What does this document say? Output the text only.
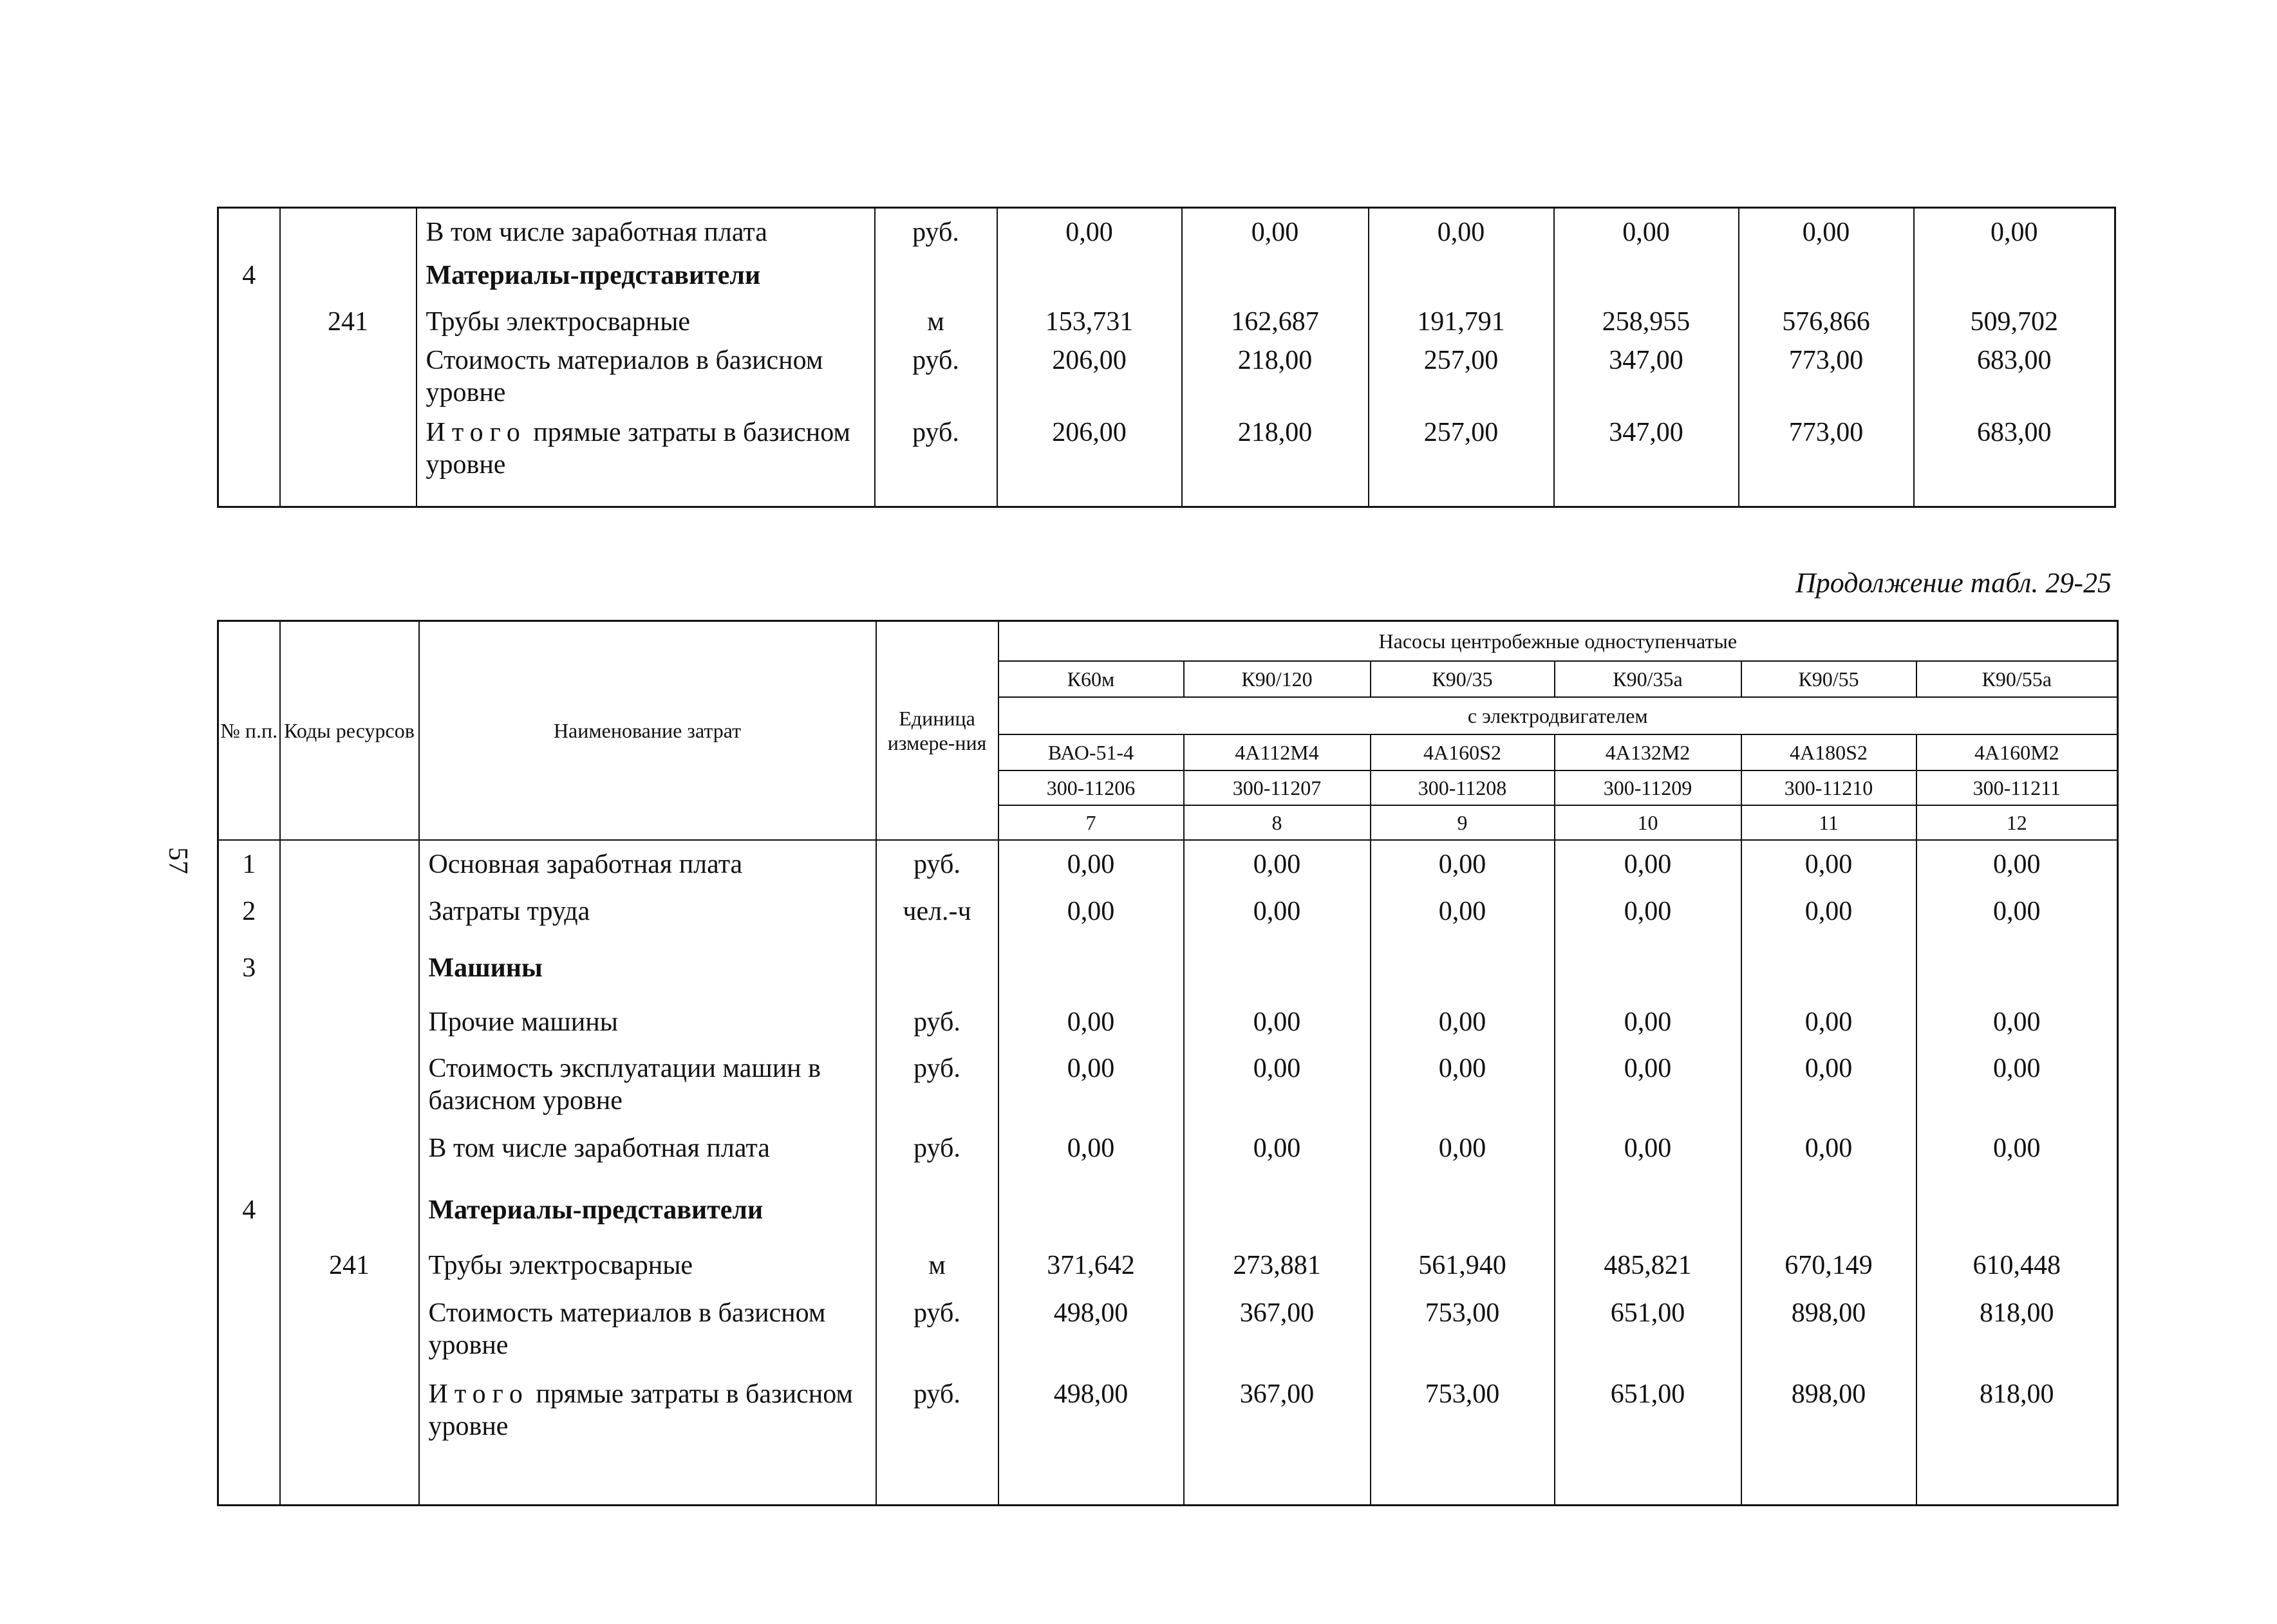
		В том числе заработная плата	руб.	0,00	0,00	0,00	0,00	0,00	0,00
4		Материалы-представители							
	241	Трубы электросварные	м	153,731	162,687	191,791	258,955	576,866	509,702
		Стоимость материалов в базисном уровне	руб.	206,00	218,00	257,00	347,00	773,00	683,00
		Итого прямые затраты в базисном уровне	руб.	206,00	218,00	257,00	347,00	773,00	683,00
Продолжение табл. 29-25
57
№ п.п.	Коды ресурсов	Наименование затрат	Единица измере-ния	Насосы центробежные одноступенчатые					
				К60м	К90/120	К90/35	К90/35а	К90/55	К90/55а
				с электродвигателем					
				ВАО-51-4	4А112М4	4А160S2	4А132М2	4А180S2	4А160М2
				300-11206	300-11207	300-11208	300-11209	300-11210	300-11211
				7	8	9	10	11	12
1		Основная заработная плата	руб.	0,00	0,00	0,00	0,00	0,00	0,00
2		Затраты труда	чел.-ч	0,00	0,00	0,00	0,00	0,00	0,00
3		Машины							
		Прочие машины	руб.	0,00	0,00	0,00	0,00	0,00	0,00
		Стоимость эксплуатации машин в базисном уровне	руб.	0,00	0,00	0,00	0,00	0,00	0,00
		В том числе заработная плата	руб.	0,00	0,00	0,00	0,00	0,00	0,00
4		Материалы-представители							
	241	Трубы электросварные	м	371,642	273,881	561,940	485,821	670,149	610,448
		Стоимость материалов в базисном уровне	руб.	498,00	367,00	753,00	651,00	898,00	818,00
		Итого прямые затраты в базисном уровне	руб.	498,00	367,00	753,00	651,00	898,00	818,00
